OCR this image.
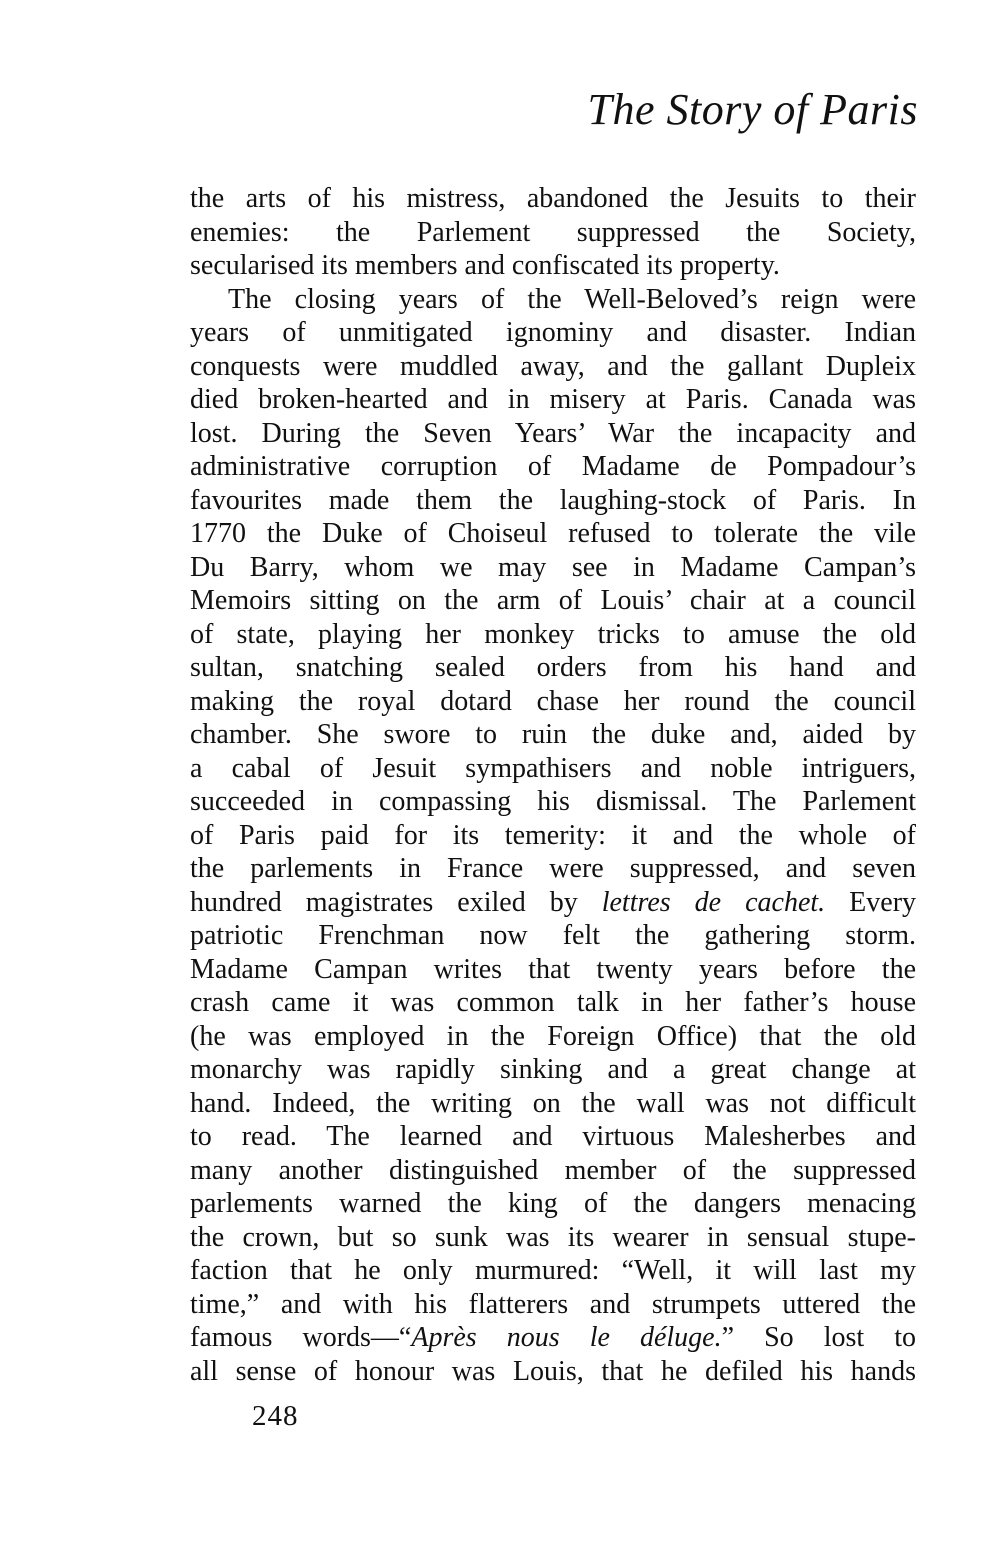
The Story of Paris
the arts of his mistress, abandoned the Jesuits to their
enemies: the Parlement suppressed the Society,
secularised its members and confiscated its property.
The closing years of the Well-Beloved’s reign were
years of unmitigated ignominy and disaster. Indian
conquests were muddled away, and the gallant Dupleix
died broken-hearted and in misery at Paris. Canada was
lost. During the Seven Years’ War the incapacity and
administrative corruption of Madame de Pompadour’s
favourites made them the laughing-stock of Paris. In
1770 the Duke of Choiseul refused to tolerate the vile
Du Barry, whom we may see in Madame Campan’s
Memoirs sitting on the arm of Louis’ chair at a council
of state, playing her monkey tricks to amuse the old
sultan, snatching sealed orders from his hand and
making the royal dotard chase her round the council
chamber. She swore to ruin the duke and, aided by
a cabal of Jesuit sympathisers and noble intriguers,
succeeded in compassing his dismissal. The Parlement
of Paris paid for its temerity: it and the whole of
the parlements in France were suppressed, and seven
hundred magistrates exiled by lettres de cachet. Every
patriotic Frenchman now felt the gathering storm.
Madame Campan writes that twenty years before the
crash came it was common talk in her father’s house
(he was employed in the Foreign Office) that the old
monarchy was rapidly sinking and a great change at
hand. Indeed, the writing on the wall was not difficult
to read. The learned and virtuous Malesherbes and
many another distinguished member of the suppressed
parlements warned the king of the dangers menacing
the crown, but so sunk was its wearer in sensual stupe-
faction that he only murmured: “Well, it will last my
time,” and with his flatterers and strumpets uttered the
famous words—“Après nous le déluge.” So lost to
all sense of honour was Louis, that he defiled his hands
248
